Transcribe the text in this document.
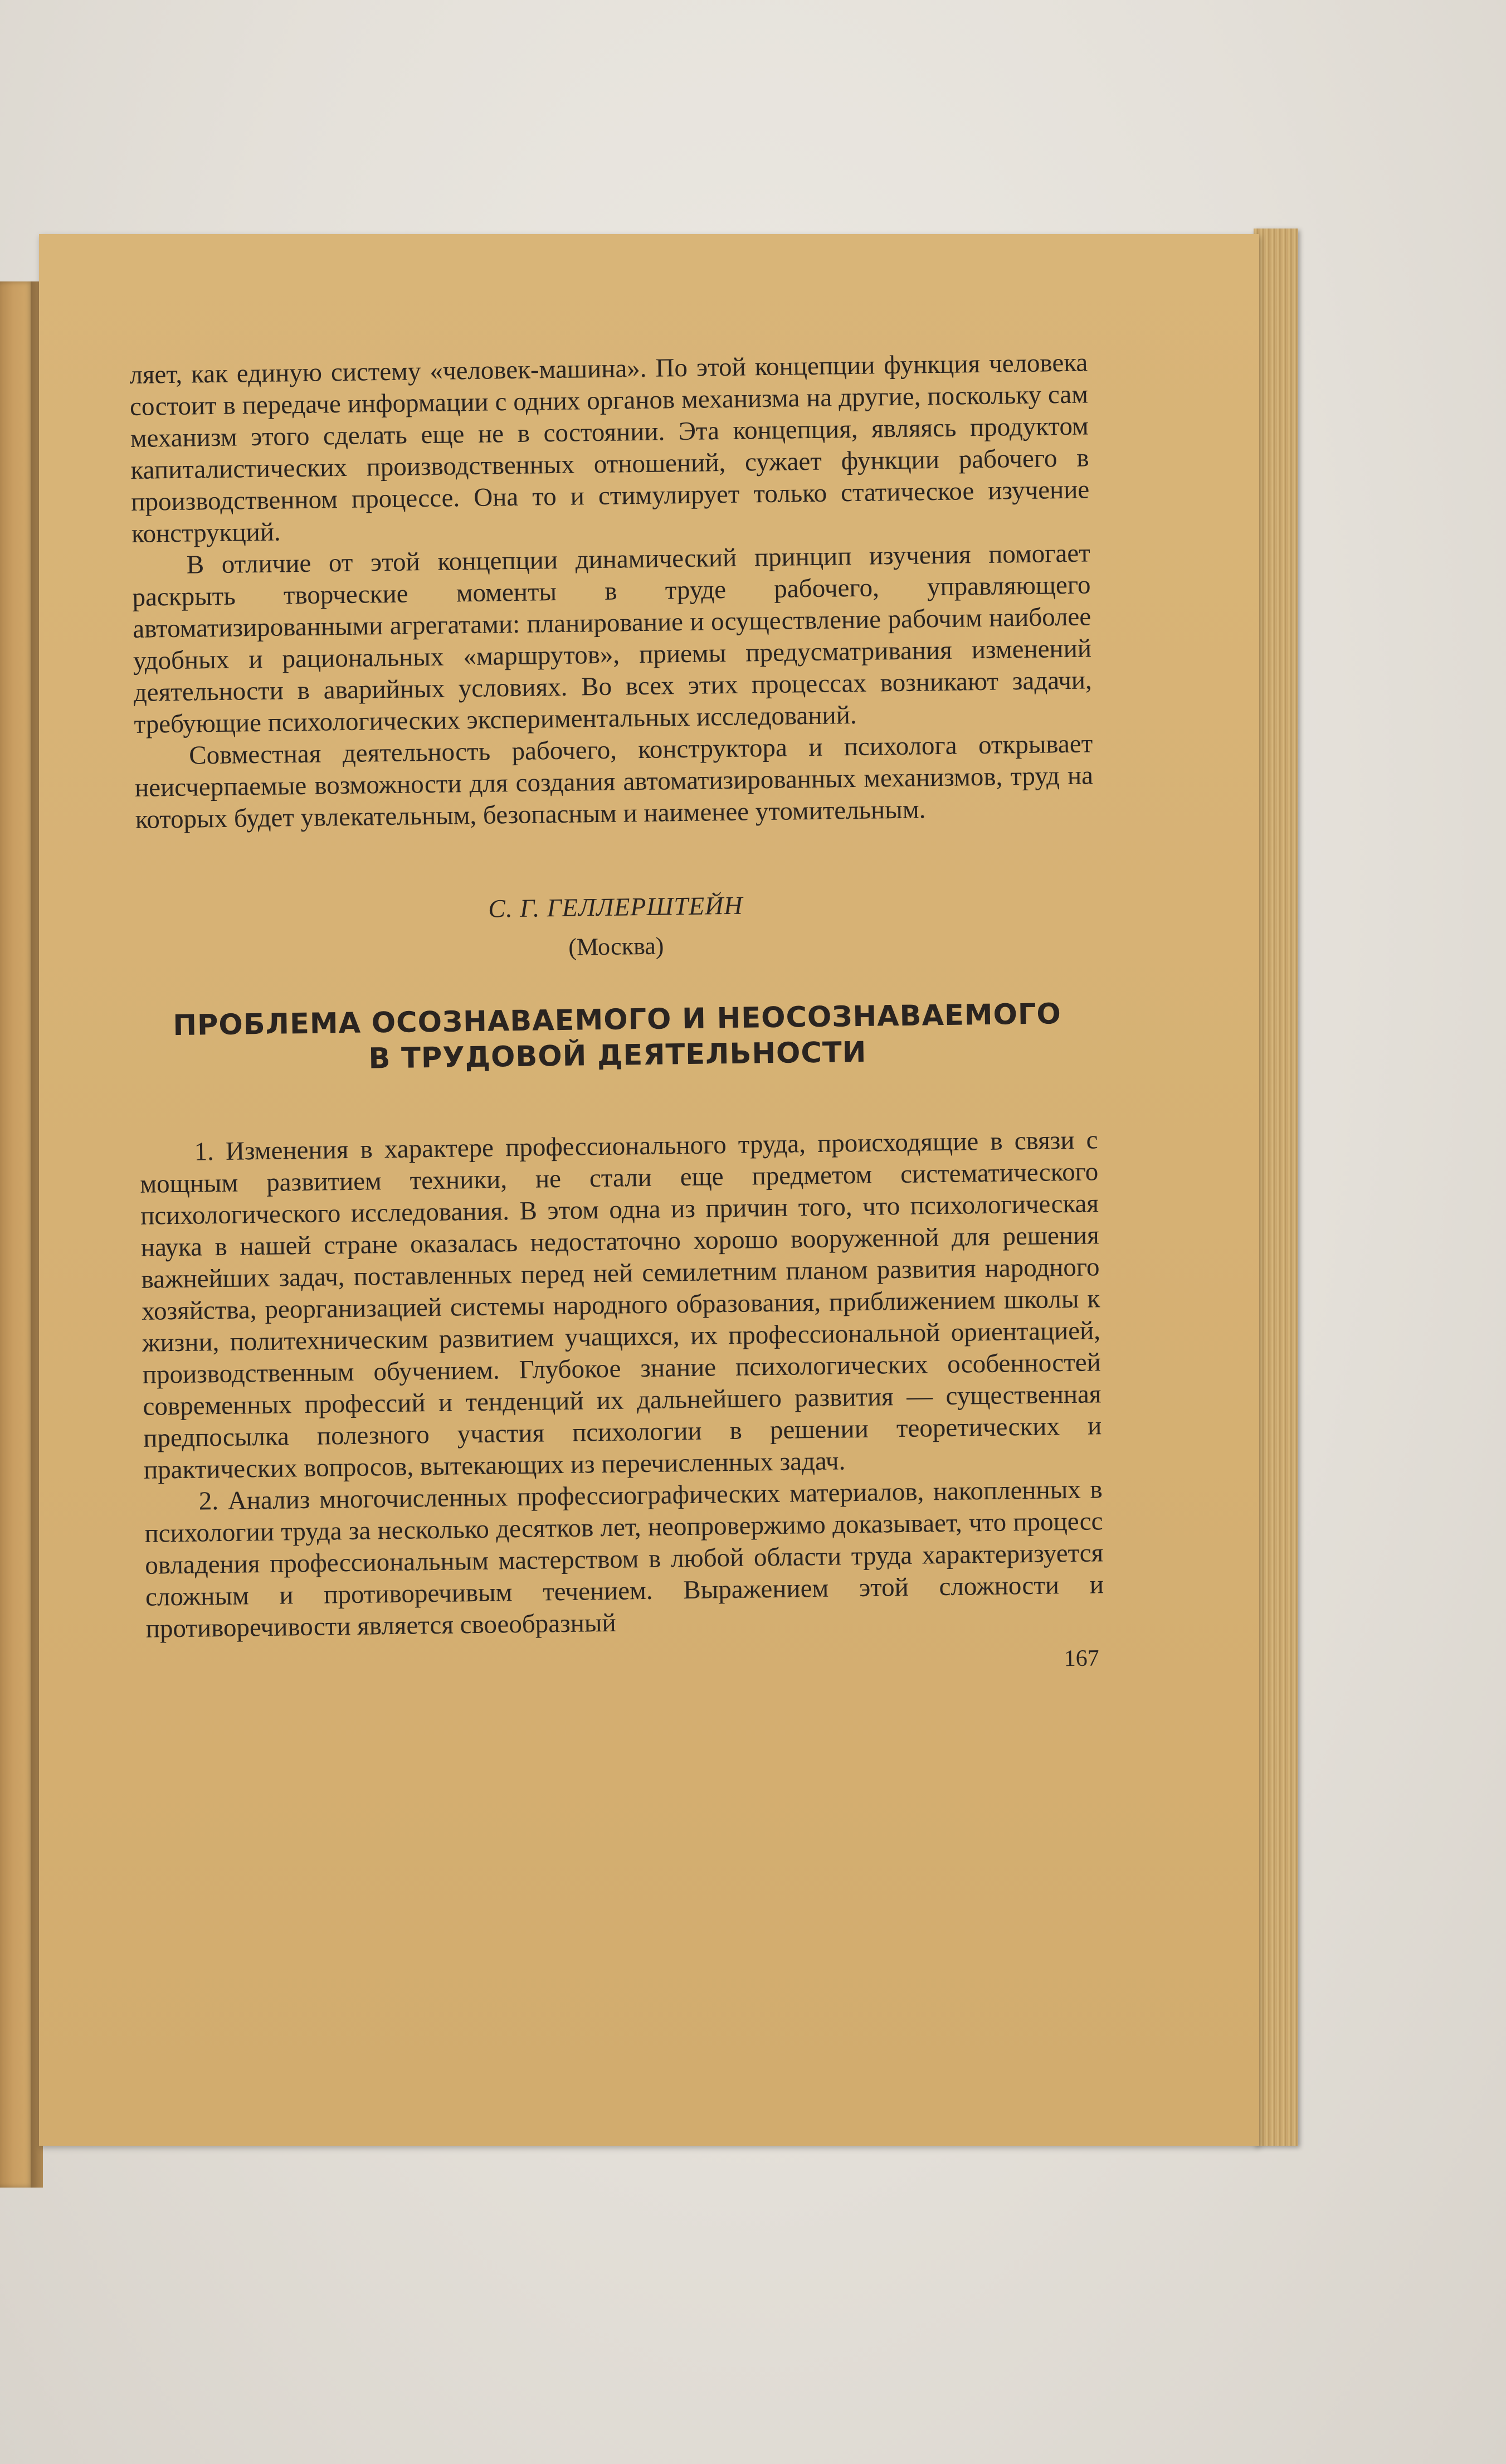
ляет, как единую систему «человек-машина». По этой концепции функция человека состоит в передаче информации с одних органов механизма на другие, поскольку сам механизм этого сделать еще не в состоянии. Эта концепция, являясь продуктом капиталистических производственных отношений, сужает функции рабочего в производственном процессе. Она то и стимулирует только статическое изучение конструкций.

В отличие от этой концепции динамический принцип изучения помогает раскрыть творческие моменты в труде рабочего, управляющего автоматизированными агрегатами: планирование и осуществление рабочим наиболее удобных и рациональных «маршрутов», приемы предусматривания изменений деятельности в аварийных условиях. Во всех этих процессах возникают задачи, требующие психологических экспериментальных исследований.

Совместная деятельность рабочего, конструктора и психолога открывает неисчерпаемые возможности для создания автоматизированных механизмов, труд на которых будет увлекательным, безопасным и наименее утомительным.

С. Г. ГЕЛЛЕРШТЕЙН
(Москва)
ПРОБЛЕМА ОСОЗНАВАЕМОГО И НЕОСОЗНАВАЕМОГО
В ТРУДОВОЙ ДЕЯТЕЛЬНОСТИ

1. Изменения в характере профессионального труда, происходящие в связи с мощным развитием техники, не стали еще предметом систематического психологического исследования. В этом одна из причин того, что психологическая наука в нашей стране оказалась недостаточно хорошо вооруженной для решения важнейших задач, поставленных перед ней семилетним планом развития народного хозяйства, реорганизацией системы народного образования, приближением школы к жизни, политехническим развитием учащихся, их профессиональной ориентацией, производственным обучением. Глубокое знание психологических особенностей современных профессий и тенденций их дальнейшего развития — существенная предпосылка полезного участия психологии в решении теоретических и практических вопросов, вытекающих из перечисленных задач.

2. Анализ многочисленных профессиографических материалов, накопленных в психологии труда за несколько десятков лет, неопровержимо доказывает, что процесс овладения профессиональным мастерством в любой области труда характеризуется сложным и противоречивым течением. Выражением этой сложности и противоречивости является своеобразный

167
